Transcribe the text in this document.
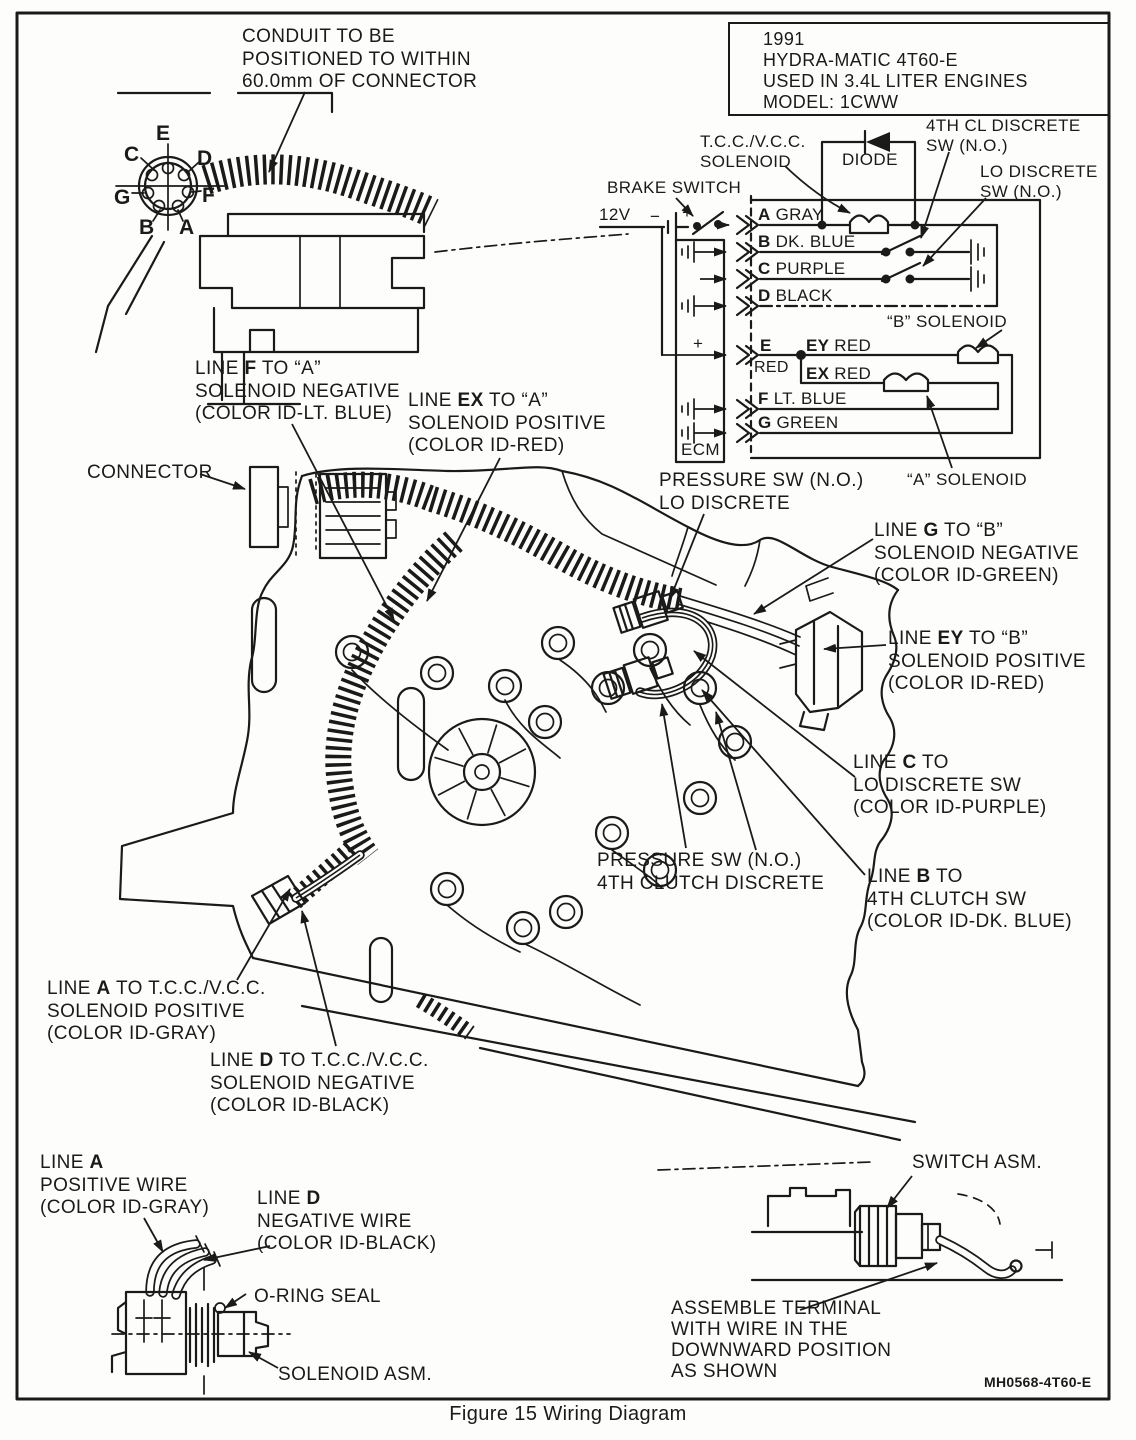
CONDUIT TO BE
POSITIONED TO WITHIN
60.0mm OF CONNECTOR
E
C	D
G	F
B A
1991
HYDRA-MATIC 4T60-E
USED IN 3.4L LITER ENGINES
MODEL: 1CWW
T.C.C./V.C.C.
SOLENOID
4TH CL DISCRETE
SW (N.O.)
LO DISCRETE
SW (N.O.)
DIODE
BRAKE SWITCH
12V − +
+
ECM
A GRAY
B DK. BLUE
C PURPLE
D BLACK
E
RED
EY RED
EX RED
F LT. BLUE
G GREEN
“B” SOLENOID
“A” SOLENOID
PRESSURE SW (N.O.)
LO DISCRETE
CONNECTOR
LINE F TO “A”
SOLENOID NEGATIVE
(COLOR ID-LT. BLUE)
LINE EX TO “A”
SOLENOID POSITIVE
(COLOR ID-RED)
LINE G TO “B”
SOLENOID NEGATIVE
(COLOR ID-GREEN)
LINE EY TO “B”
SOLENOID POSITIVE
(COLOR ID-RED)
LINE C TO
LO DISCRETE SW
(COLOR ID-PURPLE)
PRESSURE SW (N.O.)
4TH CLUTCH DISCRETE LINE B TO
4TH CLUTCH SW
(COLOR ID-DK. BLUE)
LINE A TO T.C.C./V.C.C.
SOLENOID POSITIVE
(COLOR ID-GRAY)
LINE D TO T.C.C./V.C.C.
SOLENOID NEGATIVE
(COLOR ID-BLACK)
LINE A
POSITIVE WIRE
(COLOR ID-GRAY)	LINE D
NEGATIVE WIRE
(COLOR ID-BLACK)
O-RING SEAL
SOLENOID ASM.
SWITCH ASM.
ASSEMBLE TERMINAL
WITH WIRE IN THE
DOWNWARD POSITION
AS SHOWN	MH0568-4T60-E
Figure 15 Wiring Diagram
